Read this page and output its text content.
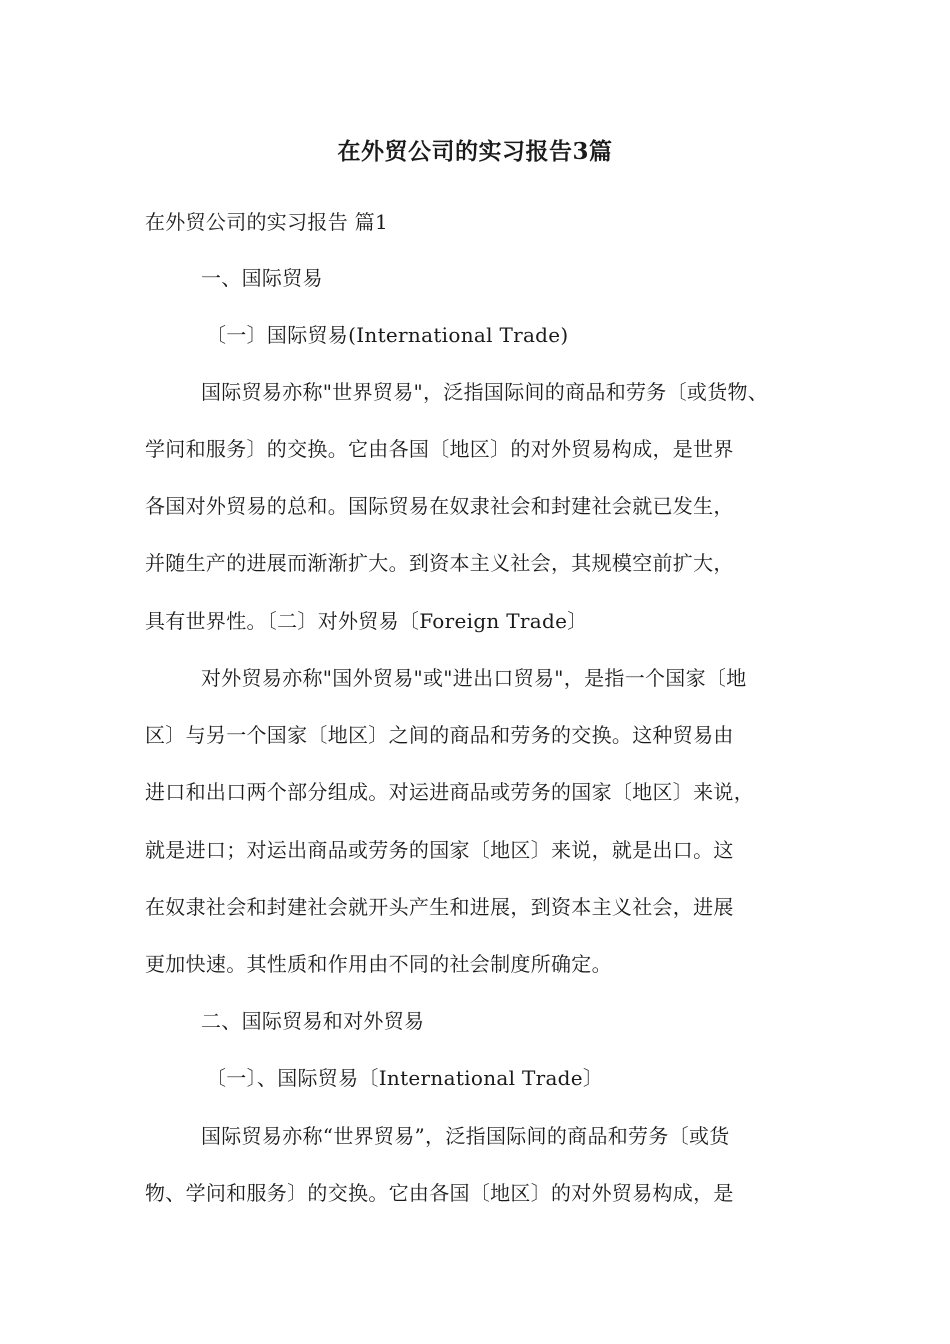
在外贸公司的实习报告3篇
在外贸公司的实习报告 篇1
一、国际贸易
〔一〕国际贸易(International Trade)
国际贸易亦称"世界贸易"，泛指国际间的商品和劳务〔或货物、
学问和服务〕的交换。它由各国〔地区〕的对外贸易构成，是世界
各国对外贸易的总和。国际贸易在奴隶社会和封建社会就已发生，
并随生产的进展而渐渐扩大。到资本主义社会，其规模空前扩大，
具有世界性。〔二〕对外贸易〔Foreign Trade〕
对外贸易亦称"国外贸易"或"进出口贸易"，是指一个国家〔地
区〕与另一个国家〔地区〕之间的商品和劳务的交换。这种贸易由
进口和出口两个部分组成。对运进商品或劳务的国家〔地区〕来说，
就是进口；对运出商品或劳务的国家〔地区〕来说，就是出口。这
在奴隶社会和封建社会就开头产生和进展，到资本主义社会，进展
更加快速。其性质和作用由不同的社会制度所确定。
二、国际贸易和对外贸易
〔一〕、国际贸易〔International Trade〕
国际贸易亦称“世界贸易”，泛指国际间的商品和劳务〔或货
物、学问和服务〕的交换。它由各国〔地区〕的对外贸易构成，是
